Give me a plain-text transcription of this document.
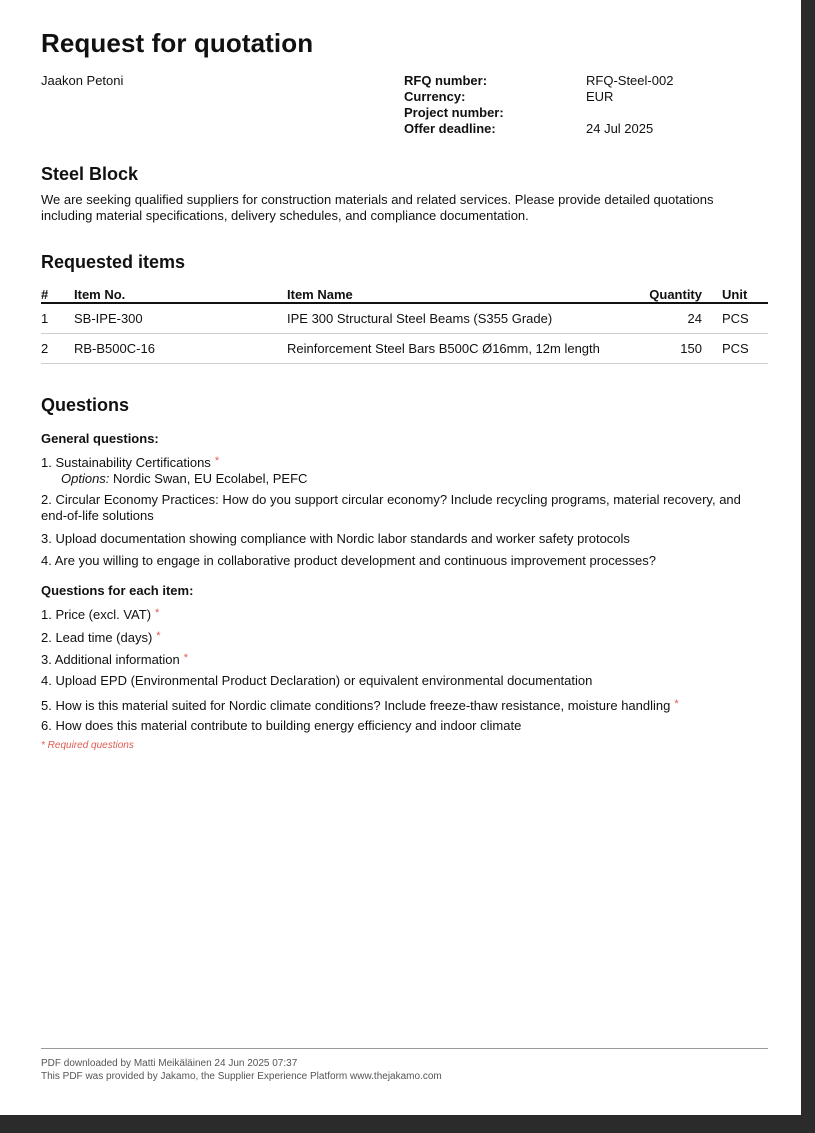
Request for quotation
Jaakon Petoni	RFQ number:	RFQ-Steel-002
Currency:	EUR
Project number:
Offer deadline:	24 Jul 2025
Steel Block
We are seeking qualified suppliers for construction materials and related services. Please provide detailed quotations including material specifications, delivery schedules, and compliance documentation.
Requested items
#	Item No.	Item Name	Quantity	Unit
1	SB-IPE-300	IPE 300 Structural Steel Beams (S355 Grade)	24	PCS
2	RB-B500C-16	Reinforcement Steel Bars B500C Ø16mm, 12m length	150	PCS
Questions
General questions:
1. Sustainability Certifications *
Options: Nordic Swan, EU Ecolabel, PEFC
2. Circular Economy Practices: How do you support circular economy? Include recycling programs, material recovery, and end-of-life solutions
3. Upload documentation showing compliance with Nordic labor standards and worker safety protocols
4. Are you willing to engage in collaborative product development and continuous improvement processes?
Questions for each item:
1. Price (excl. VAT) *
2. Lead time (days) *
3. Additional information *
4. Upload EPD (Environmental Product Declaration) or equivalent environmental documentation
5. How is this material suited for Nordic climate conditions? Include freeze-thaw resistance, moisture handling *
6. How does this material contribute to building energy efficiency and indoor climate
* Required questions
PDF downloaded by Matti Meikäläinen 24 Jun 2025 07:37
This PDF was provided by Jakamo, the Supplier Experience Platform www.thejakamo.com
